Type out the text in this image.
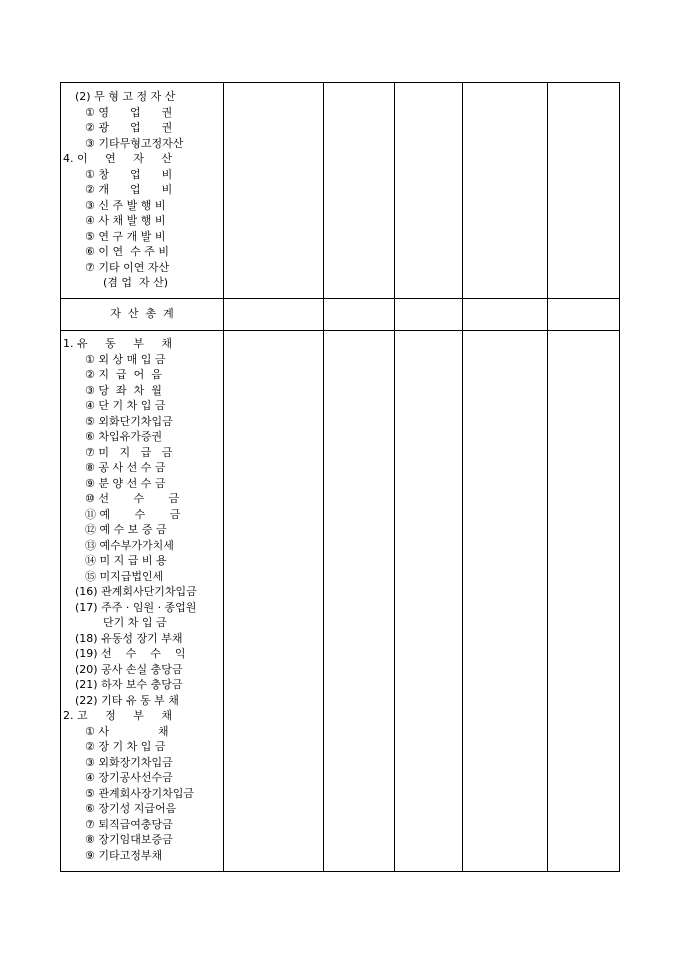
(2) 무 형 고 정 자 산
① 영      업      권
② 광      업      권
③ 기타무형고정자산
4. 이     연     자     산
① 창      업      비
② 개      업      비
③ 신 주 발 행 비
④ 사 채 발 행 비
⑤ 연 구 개 발 비
⑥ 이 연  수 주 비
⑦ 기타 이연 자산
(겸 업  자 산)
자  산  총  계
1. 유     동     부     채
① 외 상 매 입 금
② 지  급  어  음
③ 당  좌  차  월
④ 단 기 차 입 금
⑤ 외화단기차입금
⑥ 차입유가증권
⑦ 미   지   급   금
⑧ 공 사 선 수 금
⑨ 분 양 선 수 금
⑩ 선       수       금
⑪ 예       수       금
⑫ 예 수 보 증 금
⑬ 예수부가가치세
⑭ 미 지 급 비 용
⑮ 미지급법인세
(16) 관계회사단기차입금
(17) 주주 · 임원 · 종업원
단기 차 입 금
(18) 유동성 장기 부채
(19) 선    수    수    익
(20) 공사 손실 충당금
(21) 하자 보수 충당금
(22) 기타 유 동 부 채
2. 고     정     부     채
① 사              채
② 장 기 차 입 금
③ 외화장기차입금
④ 장기공사선수금
⑤ 관계회사장기차입금
⑥ 장기성 지급어음
⑦ 퇴직급여충당금
⑧ 장기임대보증금
⑨ 기타고정부채
